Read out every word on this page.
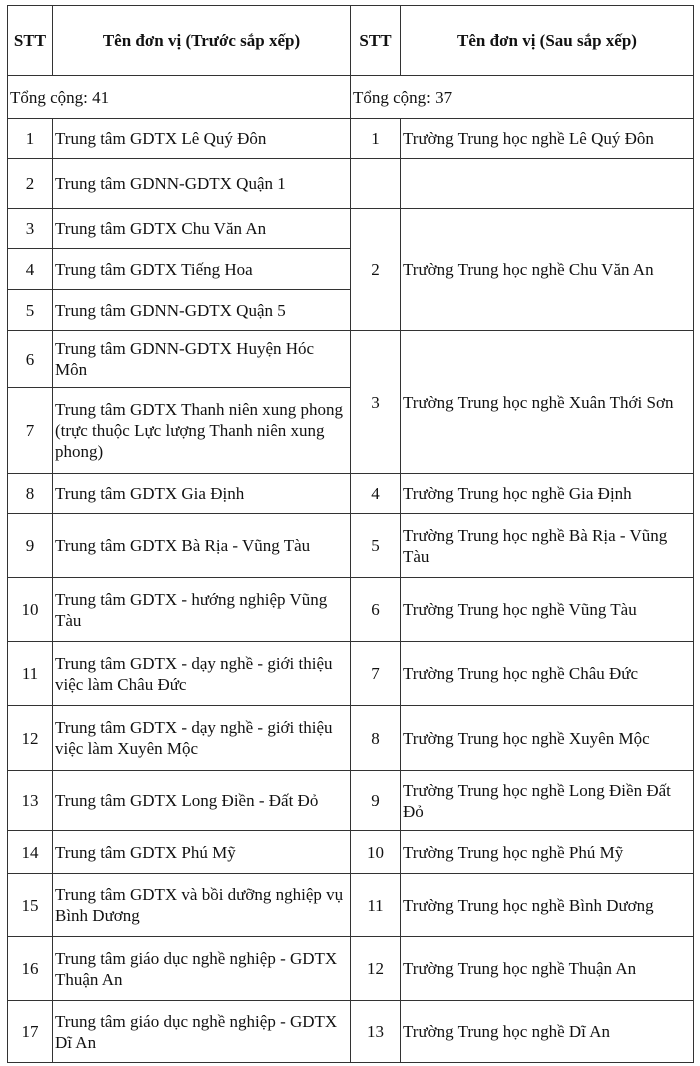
STT	Tên đơn vị (Trước sắp xếp)	STT	Tên đơn vị (Sau sắp xếp)
Tổng cộng: 41		Tổng cộng: 37	
1	Trung tâm GDTX Lê Quý Đôn	1	Trường Trung học nghề Lê Quý Đôn
2	Trung tâm GDNN-GDTX Quận 1		
3	Trung tâm GDTX Chu Văn An	2	Trường Trung học nghề Chu Văn An
4	Trung tâm GDTX Tiếng Hoa		
5	Trung tâm GDNN-GDTX Quận 5		
6	Trung tâm GDNN-GDTX Huyện Hóc Môn	3	Trường Trung học nghề Xuân Thới Sơn
7	Trung tâm GDTX Thanh niên xung phong (trực thuộc Lực lượng Thanh niên xung phong)		
8	Trung tâm GDTX Gia Định	4	Trường Trung học nghề Gia Định
9	Trung tâm GDTX Bà Rịa - Vũng Tàu	5	Trường Trung học nghề Bà Rịa - Vũng Tàu
10	Trung tâm GDTX - hướng nghiệp Vũng Tàu	6	Trường Trung học nghề Vũng Tàu
11	Trung tâm GDTX - dạy nghề - giới thiệu việc làm Châu Đức	7	Trường Trung học nghề Châu Đức
12	Trung tâm GDTX - dạy nghề - giới thiệu việc làm Xuyên Mộc	8	Trường Trung học nghề Xuyên Mộc
13	Trung tâm GDTX Long Điền - Đất Đỏ	9	Trường Trung học nghề Long Điền Đất Đỏ
14	Trung tâm GDTX Phú Mỹ	10	Trường Trung học nghề Phú Mỹ
15	Trung tâm GDTX và bồi dưỡng nghiệp vụ Bình Dương	11	Trường Trung học nghề Bình Dương
16	Trung tâm giáo dục nghề nghiệp - GDTX Thuận An	12	Trường Trung học nghề Thuận An
17	Trung tâm giáo dục nghề nghiệp - GDTX Dĩ An	13	Trường Trung học nghề Dĩ An
